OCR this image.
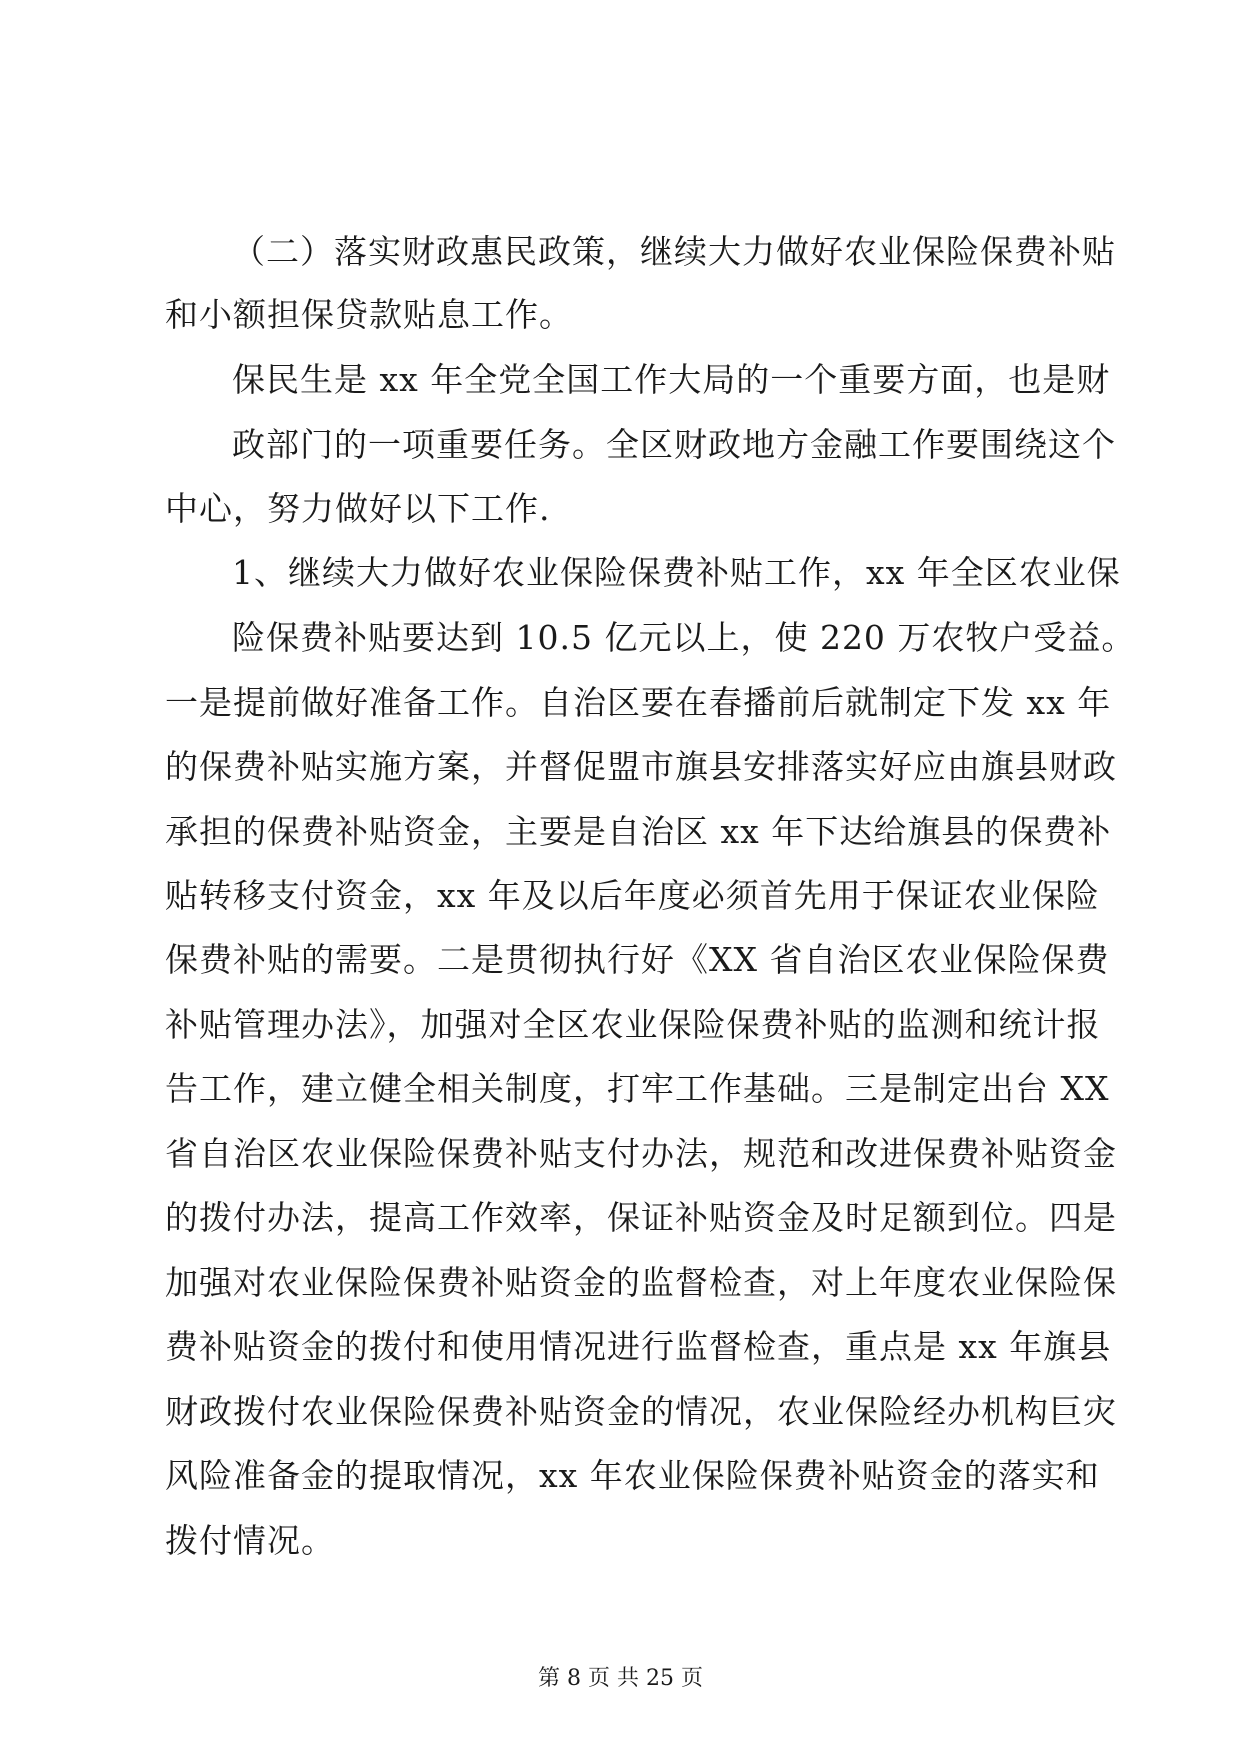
（二）落实财政惠民政策，继续大力做好农业保险保费补贴
和小额担保贷款贴息工作。
保民生是 xx 年全党全国工作大局的一个重要方面，也是财
政部门的一项重要任务。全区财政地方金融工作要围绕这个
中心，努力做好以下工作.
1、继续大力做好农业保险保费补贴工作，xx 年全区农业保
险保费补贴要达到 10.5 亿元以上，使 220 万农牧户受益。
一是提前做好准备工作。自治区要在春播前后就制定下发 xx 年
的保费补贴实施方案，并督促盟市旗县安排落实好应由旗县财政
承担的保费补贴资金，主要是自治区 xx 年下达给旗县的保费补
贴转移支付资金，xx 年及以后年度必须首先用于保证农业保险
保费补贴的需要。二是贯彻执行好《XX 省自治区农业保险保费
补贴管理办法》，加强对全区农业保险保费补贴的监测和统计报
告工作，建立健全相关制度，打牢工作基础。三是制定出台 XX
省自治区农业保险保费补贴支付办法，规范和改进保费补贴资金
的拨付办法，提高工作效率，保证补贴资金及时足额到位。四是
加强对农业保险保费补贴资金的监督检查，对上年度农业保险保
费补贴资金的拨付和使用情况进行监督检查，重点是 xx 年旗县
财政拨付农业保险保费补贴资金的情况，农业保险经办机构巨灾
风险准备金的提取情况，xx 年农业保险保费补贴资金的落实和
拨付情况。
第 8 页 共 25 页
